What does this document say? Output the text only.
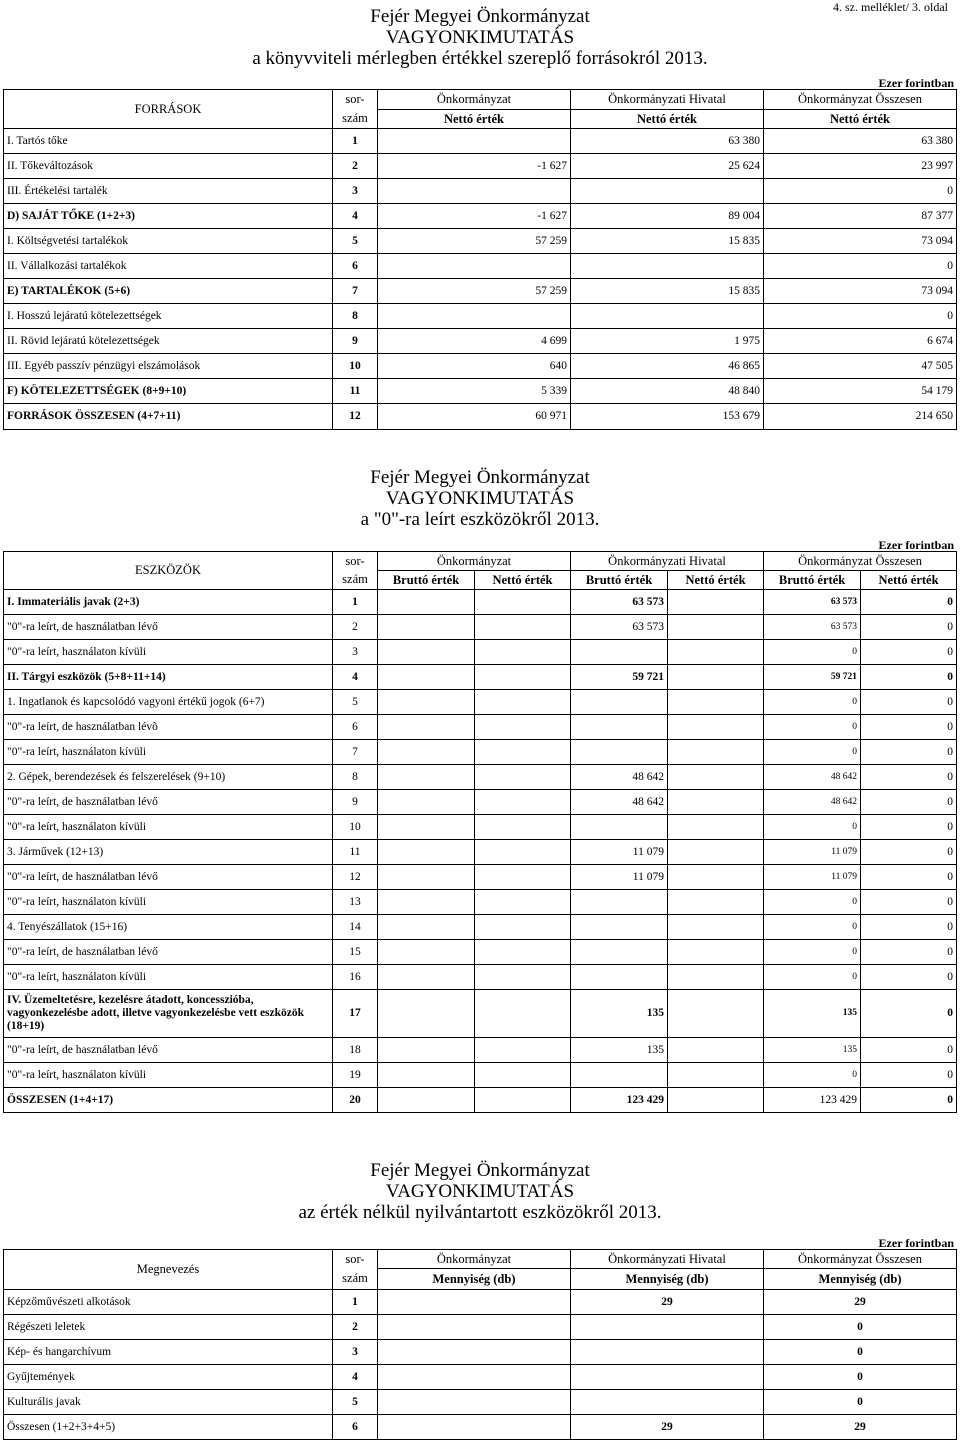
4. sz. melléklet/ 3. oldal
Fejér Megyei Önkormányzat
VAGYONKIMUTATÁS
a könyvviteli mérlegben értékkel szereplő forrásokról 2013.
Ezer forintban
FORRÁSOK	sor-	Önkormányzat	Önkormányzati Hivatal	Önkormányzat Összesen
	szám	Nettó érték	Nettó érték	Nettó érték
I. Tartós tőke	1		63 380	63 380
II. Tőkeváltozások	2	-1 627	25 624	23 997
III. Értékelési tartalék	3			0
D) SAJÁT TŐKE (1+2+3)	4	-1 627	89 004	87 377
I. Költségvetési tartalékok	5	57 259	15 835	73 094
II. Vállalkozási tartalékok	6			0
E) TARTALÉKOK (5+6)	7	57 259	15 835	73 094
I. Hosszú lejáratú kötelezettségek	8			0
II. Rövid lejáratú kötelezettségek	9	4 699	1 975	6 674
III. Egyéb passzív pénzügyi elszámolások	10	640	46 865	47 505
F) KÖTELEZETTSÉGEK (8+9+10)	11	5 339	48 840	54 179
FORRÁSOK ÖSSZESEN (4+7+11)	12	60 971	153 679	214 650
Fejér Megyei Önkormányzat
VAGYONKIMUTATÁS
a "0"-ra leírt eszközökről 2013.
Ezer forintban
ESZKÖZÖK	sor-	Önkormányzat		Önkormányzati Hivatal		Önkormányzat Összesen	
	szám	Bruttó érték	Nettó érték	Bruttó érték	Nettó érték	Bruttó érték	Nettó érték
I. Immateriális javak (2+3)	1			63 573		63 573	0
"0"-ra leírt, de használatban lévő	2			63 573		63 573	0
"0"-ra leírt, használaton kívüli	3					0	0
II. Tárgyi eszközök (5+8+11+14)	4			59 721		59 721	0
1. Ingatlanok és kapcsolódó vagyoni értékű jogok (6+7)	5					0	0
"0"-ra leírt, de használatban lévõ	6					0	0
"0"-ra leírt, használaton kívüli	7					0	0
2. Gépek, berendezések és felszerelések (9+10)	8			48 642		48 642	0
"0"-ra leírt, de használatban lévő	9			48 642		48 642	0
"0"-ra leírt, használaton kívüli	10					0	0
3. Járművek (12+13)	11			11 079		11 079	0
"0"-ra leírt, de használatban lévő	12			11 079		11 079	0
"0"-ra leírt, használaton kívüli	13					0	0
4. Tenyészállatok (15+16)	14					0	0
"0"-ra leírt, de használatban lévő	15					0	0
"0"-ra leírt, használaton kívüli	16					0	0
IV. Üzemeltetésre, kezelésre átadott, koncesszióba, vagyonkezelésbe adott, illetve vagyonkezelésbe vett eszközök (18+19)	17			135		135	0
"0"-ra leírt, de használatban lévő	18			135		135	0
"0"-ra leírt, használaton kívüli	19					0	0
ÖSSZESEN (1+4+17)	20			123 429		123 429	0
Fejér Megyei Önkormányzat
VAGYONKIMUTATÁS
az érték nélkül nyilvántartott eszközökről 2013.
Ezer forintban
Megnevezés	sor-	Önkormányzat	Önkormányzati Hivatal	Önkormányzat Összesen
	szám	Mennyiség (db)	Mennyiség (db)	Mennyiség (db)
Képzőművészeti alkotások	1		29	29
Régészeti leletek	2			0
Kép- és hangarchívum	3			0
Gyűjtemények	4			0
Kulturális javak	5			0
Összesen (1+2+3+4+5)	6		29	29
